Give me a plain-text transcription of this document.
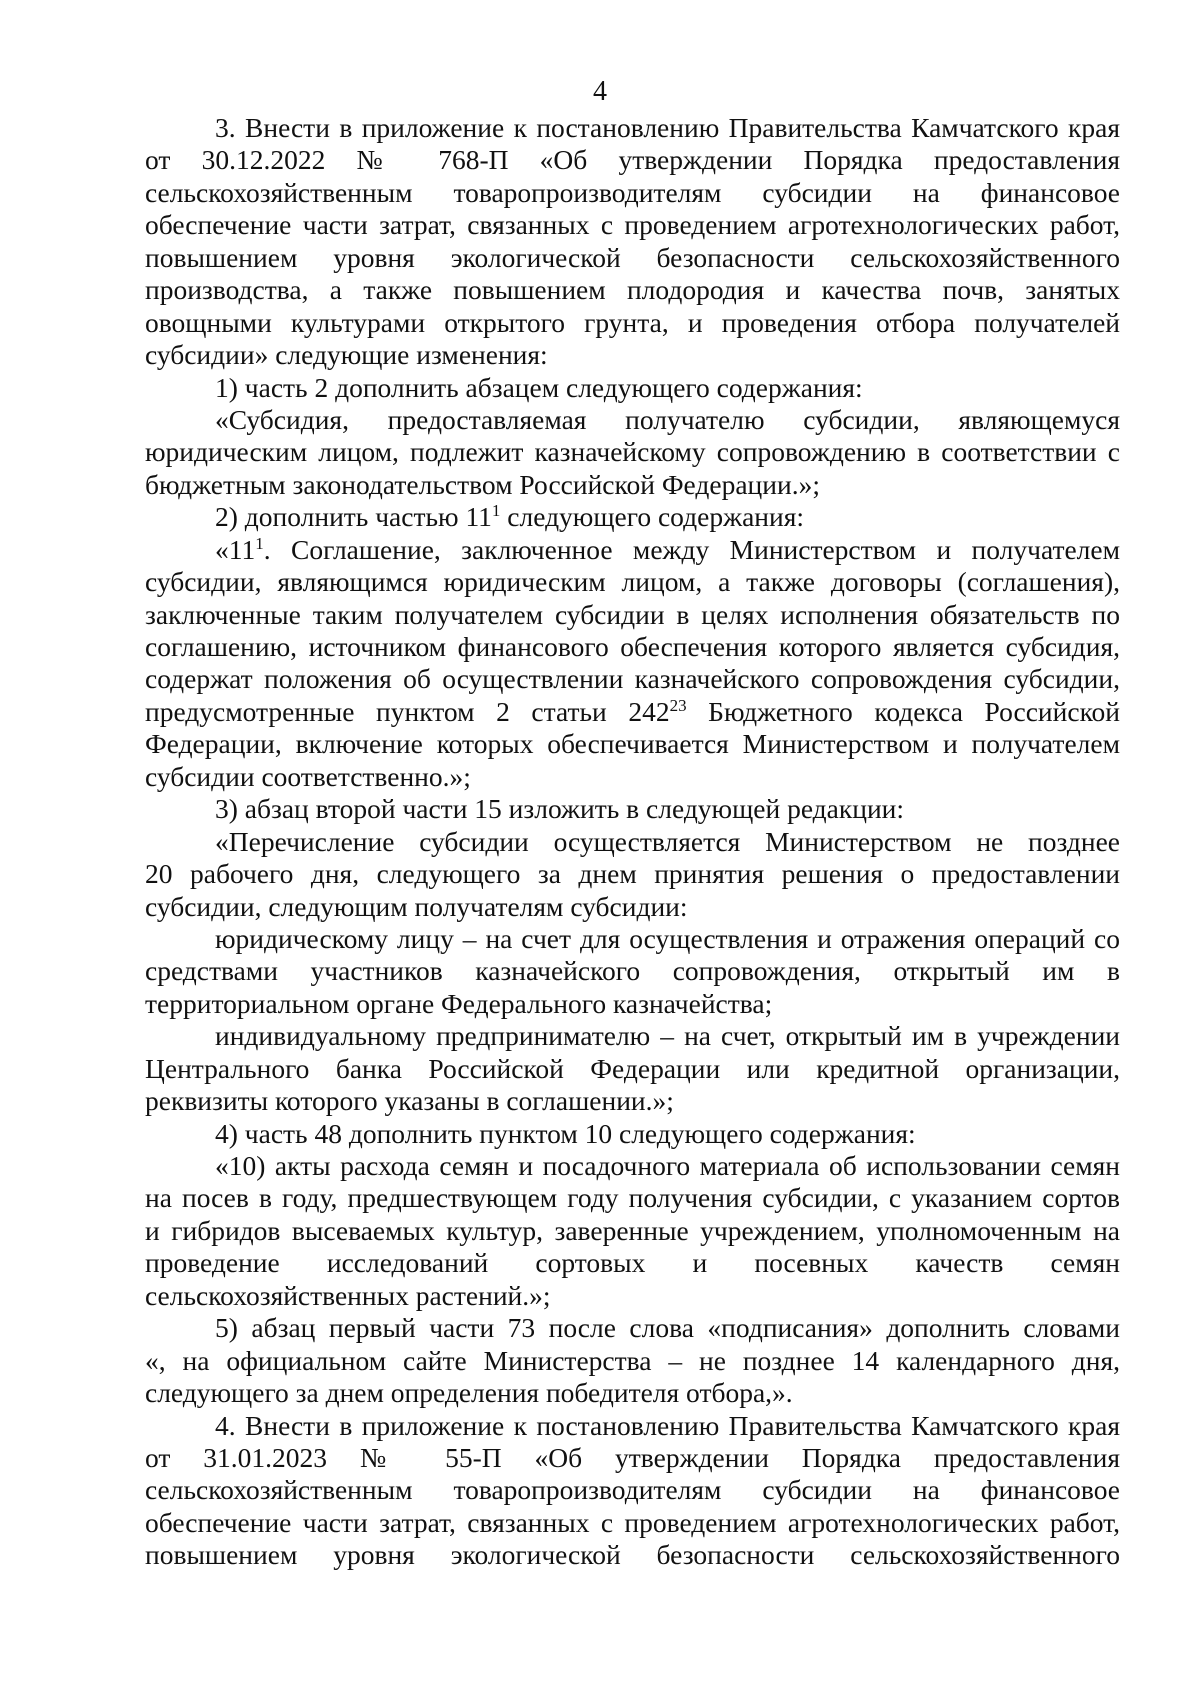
4
3. Внести в приложение к постановлению Правительства Камчатского края
от 30.12.2022 № 768-П «Об утверждении Порядка предоставления
сельскохозяйственным товаропроизводителям субсидии на финансовое
обеспечение части затрат, связанных с проведением агротехнологических работ,
повышением уровня экологической безопасности сельскохозяйственного
производства, а также повышением плодородия и качества почв, занятых
овощными культурами открытого грунта, и проведения отбора получателей
субсидии» следующие изменения:
1) часть 2 дополнить абзацем следующего содержания:
«Субсидия, предоставляемая получателю субсидии, являющемуся
юридическим лицом, подлежит казначейскому сопровождению в соответствии с
бюджетным законодательством Российской Федерации.»;
2) дополнить частью $11^1$ следующего содержания:
«$11^1$. Соглашение, заключенное между Министерством и получателем
субсидии, являющимся юридическим лицом, а также договоры (соглашения),
заключенные таким получателем субсидии в целях исполнения обязательств по
соглашению, источником финансового обеспечения которого является субсидия,
содержат положения об осуществлении казначейского сопровождения субсидии,
предусмотренные пунктом 2 статьи $242^{23}$ Бюджетного кодекса Российской
Федерации, включение которых обеспечивается Министерством и получателем
субсидии соответственно.»;
3) абзац второй части 15 изложить в следующей редакции:
«Перечисление субсидии осуществляется Министерством не позднее
20 рабочего дня, следующего за днем принятия решения о предоставлении
субсидии, следующим получателям субсидии:
юридическому лицу – на счет для осуществления и отражения операций со
средствами участников казначейского сопровождения, открытый им в
территориальном органе Федерального казначейства;
индивидуальному предпринимателю – на счет, открытый им в учреждении
Центрального банка Российской Федерации или кредитной организации,
реквизиты которого указаны в соглашении.»;
4) часть 48 дополнить пунктом 10 следующего содержания:
«10) акты расхода семян и посадочного материала об использовании семян
на посев в году, предшествующем году получения субсидии, с указанием сортов
и гибридов высеваемых культур, заверенные учреждением, уполномоченным на
проведение исследований сортовых и посевных качеств семян
сельскохозяйственных растений.»;
5) абзац первый части 73 после слова «подписания» дополнить словами
«, на официальном сайте Министерства – не позднее 14 календарного дня,
следующего за днем определения победителя отбора,».
4. Внести в приложение к постановлению Правительства Камчатского края
от 31.01.2023 № 55-П «Об утверждении Порядка предоставления
сельскохозяйственным товаропроизводителям субсидии на финансовое
обеспечение части затрат, связанных с проведением агротехнологических работ,
повышением уровня экологической безопасности сельскохозяйственного
